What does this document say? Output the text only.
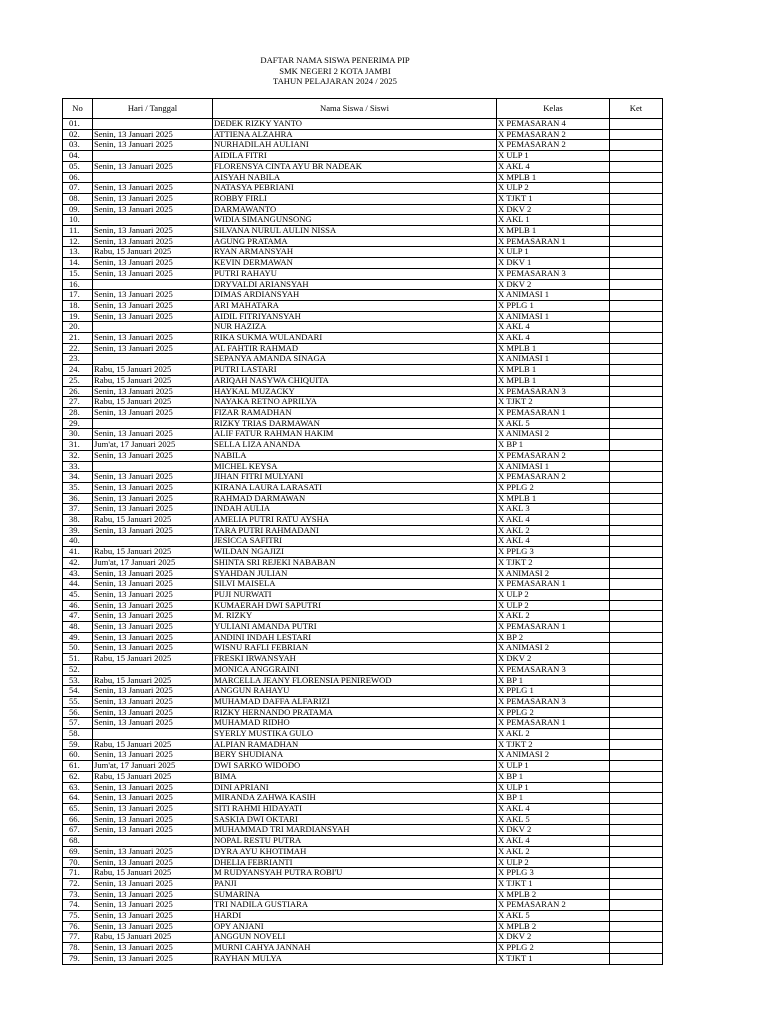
DAFTAR NAMA SISWA PENERIMA PIP
SMK NEGERI 2 KOTA JAMBI
TAHUN PELAJARAN 2024 / 2025
No	Hari / Tanggal	Nama Siswa / Siswi	Kelas	Ket
01.		DEDEK RIZKY YANTO	X PEMASARAN 4	
02.	Senin, 13 Januari 2025	ATTIENA ALZAHRA	X PEMASARAN 2	
03.	Senin, 13 Januari 2025	NURHADILAH AULIANI	X PEMASARAN 2	
04.		AIDILA FITRI	X ULP 1	
05.	Senin, 13 Januari 2025	FLORENSYA CINTA AYU BR NADEAK	X AKL 4	
06.		AISYAH NABILA	X MPLB 1	
07.	Senin, 13 Januari 2025	NATASYA PEBRIANI	X ULP 2	
08.	Senin, 13 Januari 2025	ROBBY FIRLI	X TJKT 1	
09.	Senin, 13 Januari 2025	DARMAWANTO	X DKV 2	
10.		WIDIA SIMANGUNSONG	X AKL 1	
11.	Senin, 13 Januari 2025	SILVANA NURUL AULIN NISSA	X MPLB 1	
12.	Senin, 13 Januari 2025	AGUNG PRATAMA	X PEMASARAN 1	
13.	Rabu, 15 Januari 2025	RYAN ARMANSYAH	X ULP 1	
14.	Senin, 13 Januari 2025	KEVIN DERMAWAN	X DKV 1	
15.	Senin, 13 Januari 2025	PUTRI RAHAYU	X PEMASARAN 3	
16.		DRYVALDI ARIANSYAH	X DKV 2	
17.	Senin, 13 Januari 2025	DIMAS ARDIANSYAH	X ANIMASI 1	
18.	Senin, 13 Januari 2025	ARI MAHATARA	X PPLG 1	
19.	Senin, 13 Januari 2025	AIDIL FITRIYANSYAH	X ANIMASI 1	
20.		NUR HAZIZA	X AKL 4	
21.	Senin, 13 Januari 2025	RIKA SUKMA WULANDARI	X AKL 4	
22.	Senin, 13 Januari 2025	AL FAHTIR RAHMAD	X MPLB 1	
23.		SEPANYA AMANDA SINAGA	X ANIMASI 1	
24.	Rabu, 15 Januari 2025	PUTRI LASTARI	X MPLB 1	
25.	Rabu, 15 Januari 2025	ARIQAH NASYWA CHIQUITA	X MPLB 1	
26.	Senin, 13 Januari 2025	HAYKAL MUZACKY	X PEMASARAN 3	
27.	Rabu, 15 Januari 2025	NAYAKA RETNO APRILYA	X TJKT 2	
28.	Senin, 13 Januari 2025	FIZAR RAMADHAN	X PEMASARAN 1	
29.		RIZKY TRIAS DARMAWAN	X AKL 5	
30.	Senin, 13 Januari 2025	ALIF FATUR RAHMAN HAKIM	X ANIMASI 2	
31.	Jum'at, 17 Januari 2025	SELLA LIZA ANANDA	X BP 1	
32.	Senin, 13 Januari 2025	NABILA	X PEMASARAN 2	
33.		MICHEL KEYSA	X ANIMASI 1	
34.	Senin, 13 Januari 2025	JIHAN FITRI MULYANI	X PEMASARAN 2	
35.	Senin, 13 Januari 2025	KIRANA LAURA LARASATI	X PPLG 2	
36.	Senin, 13 Januari 2025	RAHMAD DARMAWAN	X MPLB 1	
37.	Senin, 13 Januari 2025	INDAH AULIA	X AKL 3	
38.	Rabu, 15 Januari 2025	AMELIA PUTRI RATU AYSHA	X AKL 4	
39.	Senin, 13 Januari 2025	TARA PUTRI RAHMADANI	X AKL 2	
40.		JESICCA SAFITRI	X AKL 4	
41.	Rabu, 15 Januari 2025	WILDAN NGAJIZI	X PPLG 3	
42.	Jum'at, 17 Januari 2025	SHINTA SRI REJEKI NABABAN	X TJKT 2	
43.	Senin, 13 Januari 2025	SYAHDAN JULIAN	X ANIMASI 2	
44.	Senin, 13 Januari 2025	SILVI MAISELA	X PEMASARAN 1	
45.	Senin, 13 Januari 2025	PUJI NURWATI	X ULP 2	
46.	Senin, 13 Januari 2025	KUMAERAH DWI SAPUTRI	X ULP 2	
47.	Senin, 13 Januari 2025	M. RIZKY	X AKL 2	
48.	Senin, 13 Januari 2025	YULIANI AMANDA PUTRI	X PEMASARAN 1	
49.	Senin, 13 Januari 2025	ANDINI INDAH LESTARI	X BP 2	
50.	Senin, 13 Januari 2025	WISNU RAFLI FEBRIAN	X ANIMASI 2	
51.	Rabu, 15 Januari 2025	FRESKI IRWANSYAH	X DKV 2	
52.		MONICA ANGGRAINI	X PEMASARAN 3	
53.	Rabu, 15 Januari 2025	MARCELLA JEANY FLORENSIA PENIREWOD	X BP 1	
54.	Senin, 13 Januari 2025	ANGGUN RAHAYU	X PPLG 1	
55.	Senin, 13 Januari 2025	MUHAMAD DAFFA ALFARIZI	X PEMASARAN 3	
56.	Senin, 13 Januari 2025	RIZKY HERNANDO PRATAMA	X PPLG 2	
57.	Senin, 13 Januari 2025	MUHAMAD RIDHO	X PEMASARAN 1	
58.		SYERLY MUSTIKA GULO	X AKL 2	
59.	Rabu, 15 Januari 2025	ALPIAN RAMADHAN	X TJKT 2	
60.	Senin, 13 Januari 2025	BERY SHUDIANA	X ANIMASI 2	
61.	Jum'at, 17 Januari 2025	DWI SARKO WIDODO	X ULP 1	
62.	Rabu, 15 Januari 2025	BIMA	X BP 1	
63.	Senin, 13 Januari 2025	DINI APRIANI	X ULP 1	
64.	Senin, 13 Januari 2025	MIRANDA ZAHWA KASIH	X BP 1	
65.	Senin, 13 Januari 2025	SITI RAHMI HIDAYATI	X AKL 4	
66.	Senin, 13 Januari 2025	SASKIA DWI OKTARI	X AKL 5	
67.	Senin, 13 Januari 2025	MUHAMMAD TRI MARDIANSYAH	X DKV 2	
68.		NOPAL RESTU PUTRA	X AKL 4	
69.	Senin, 13 Januari 2025	DYRA AYU KHOTIMAH	X AKL 2	
70.	Senin, 13 Januari 2025	DHELIA FEBRIANTI	X ULP 2	
71.	Rabu, 15 Januari 2025	M RUDYANSYAH PUTRA ROBI'U	X PPLG 3	
72.	Senin, 13 Januari 2025	PANJI	X TJKT 1	
73.	Senin, 13 Januari 2025	SUMARINA	X MPLB 2	
74.	Senin, 13 Januari 2025	TRI NADILA GUSTIARA	X PEMASARAN 2	
75.	Senin, 13 Januari 2025	HARDI	X AKL 5	
76.	Senin, 13 Januari 2025	OPY ANJANI	X MPLB 2	
77.	Rabu, 15 Januari 2025	ANGGUN NOVELI	X DKV 2	
78.	Senin, 13 Januari 2025	MURNI CAHYA JANNAH	X PPLG 2	
79.	Senin, 13 Januari 2025	RAYHAN MULYA	X TJKT 1	
